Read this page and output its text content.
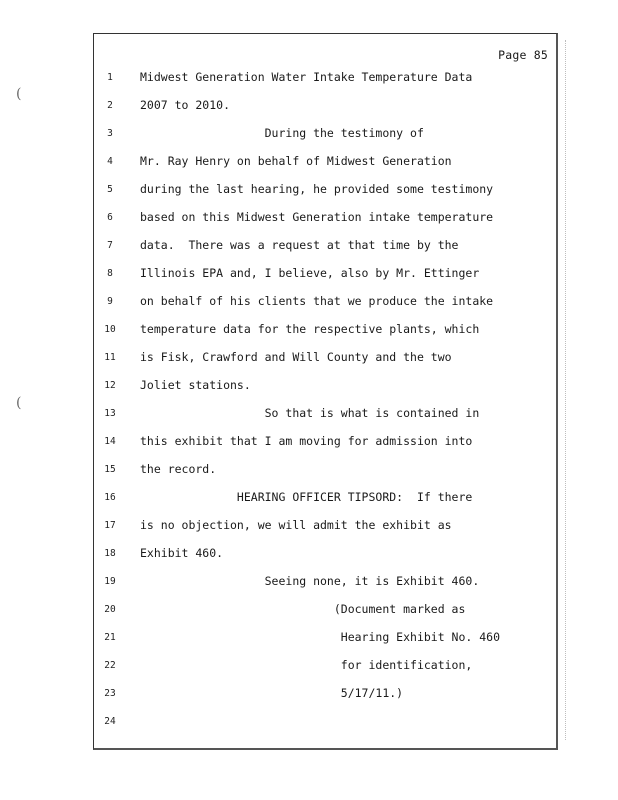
(
(
Page 85
1	Midwest Generation Water Intake Temperature Data
2	2007 to 2010.
3	During the testimony of
4	Mr. Ray Henry on behalf of Midwest Generation
5	during the last hearing, he provided some testimony
6	based on this Midwest Generation intake temperature
7	data.  There was a request at that time by the
8	Illinois EPA and, I believe, also by Mr. Ettinger
9	on behalf of his clients that we produce the intake
10 temperature data for the respective plants, which
11 is Fisk, Crawford and Will County and the two
12 Joliet stations.
13 So that is what is contained in
14 this exhibit that I am moving for admission into
15 the record.
16 HEARING OFFICER TIPSORD:  If there
17 is no objection, we will admit the exhibit as
18 Exhibit 460.
19 Seeing none, it is Exhibit 460.
20 (Document marked as
21 Hearing Exhibit No. 460
22 for identification,
23 5/17/11.)
24
